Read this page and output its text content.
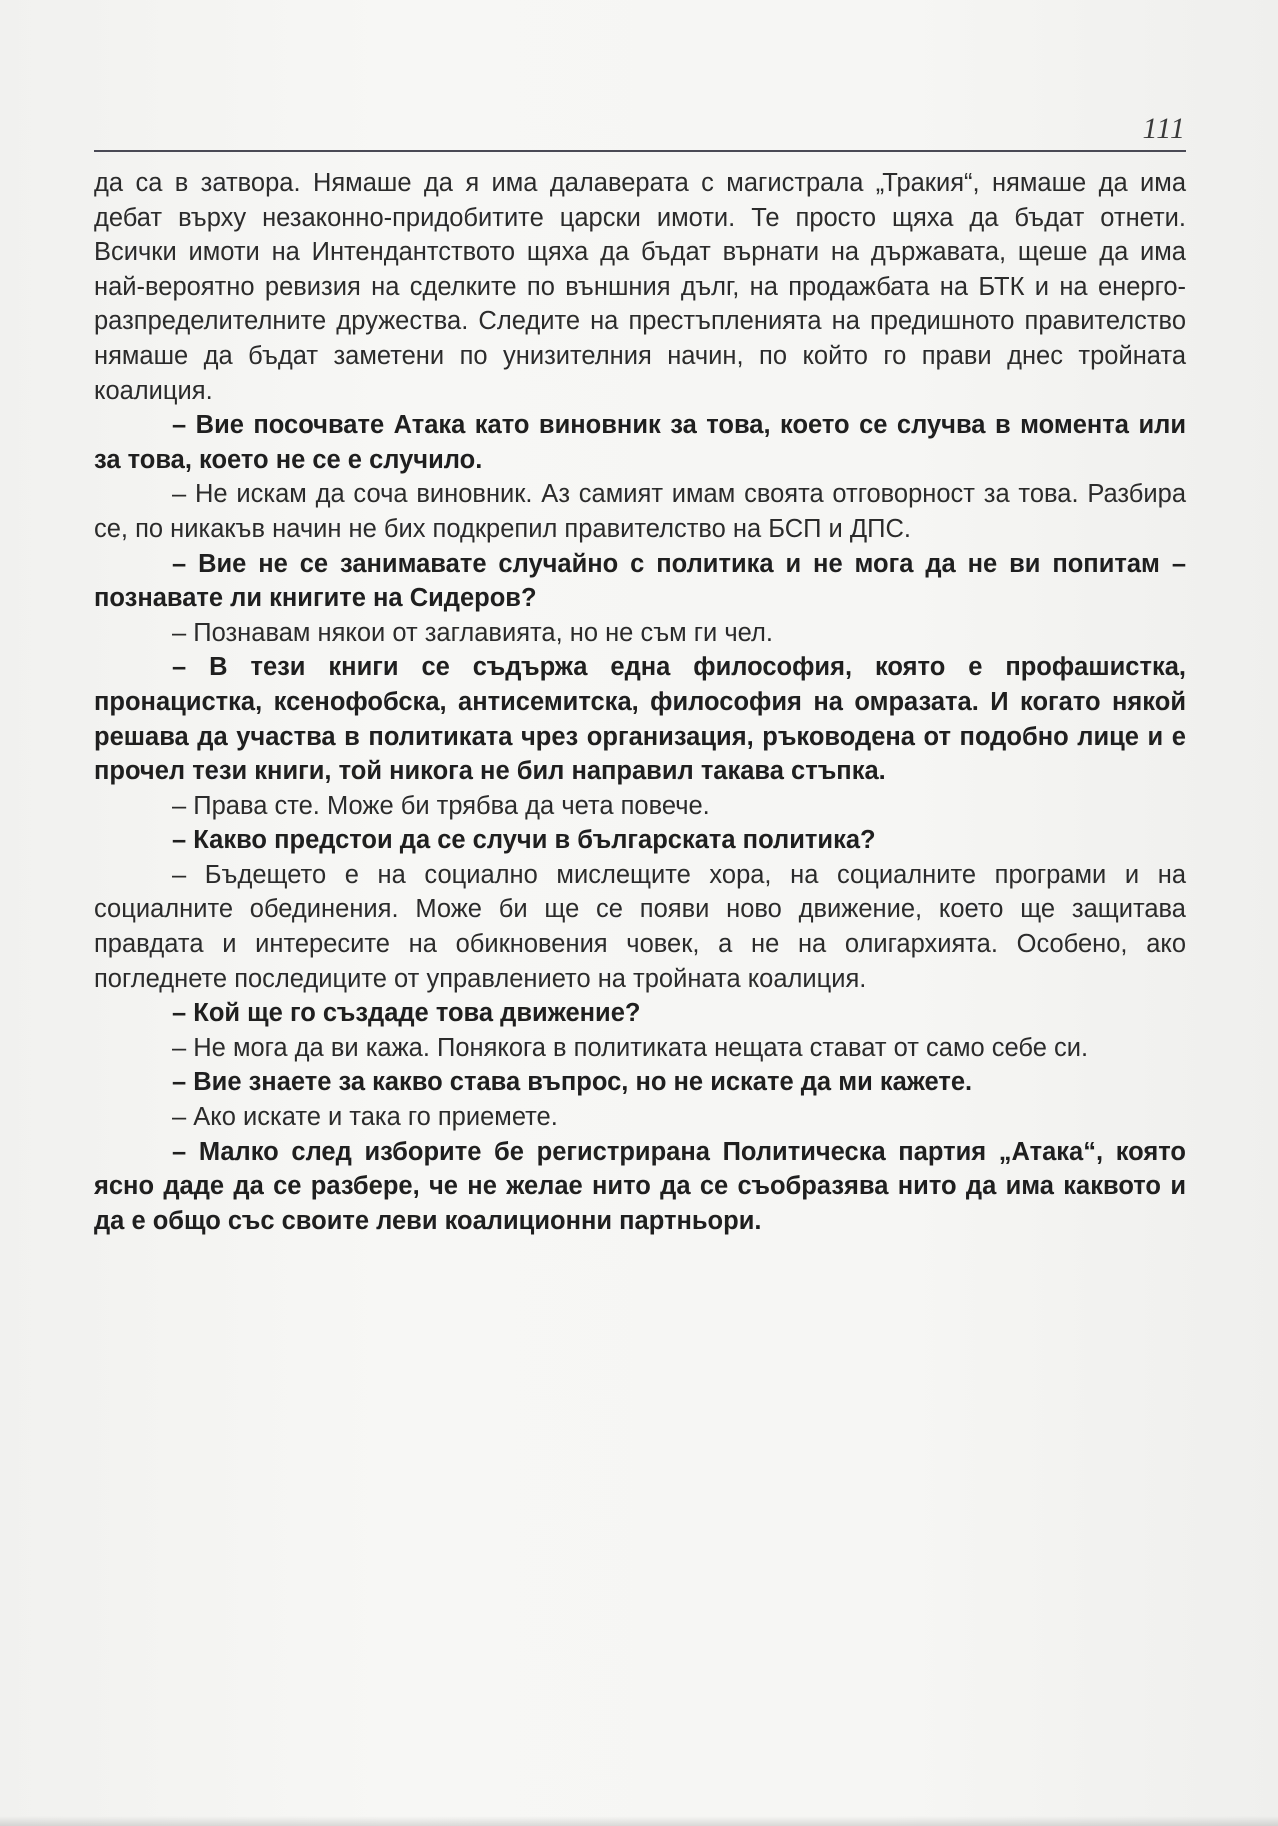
111

да са в затвора. Нямаше да я има далаверата с магистрала „Тракия“, нямаше да има дебат върху незаконно-придобитите царски имоти. Те просто щяха да бъдат отнети. Всички имоти на Интендантството щяха да бъдат върнати на държавата, щеше да има най-вероятно ревизия на сделките по външния дълг, на продажбата на БТК и на енерго-разпределителните дружества. Следите на престъпленията на предишното правителство нямаше да бъдат заметени по унизителния начин, по който го прави днес тройната коалиция.

– Вие посочвате Атака като виновник за това, което се случва в момента или за това, което не се е случило.

– Не искам да соча виновник. Аз самият имам своята отговорност за това. Разбира се, по никакъв начин не бих подкрепил правителство на БСП и ДПС.

– Вие не се занимавате случайно с политика и не мога да не ви попитам – познавате ли книгите на Сидеров?

– Познавам някои от заглавията, но не съм ги чел.

– В тези книги се съдържа една философия, която е профашистка, пронацистка, ксенофобска, антисемитска, философия на омразата. И когато някой решава да участва в политиката чрез организация, ръководена от подобно лице и е прочел тези книги, той никога не бил направил такава стъпка.

– Права сте. Може би трябва да чета повече.

– Какво предстои да се случи в българската политика?

– Бъдещето е на социално мислещите хора, на социалните програми и на социалните обединения. Може би ще се появи ново движение, което ще защитава правдата и интересите на обикновения човек, а не на олигархията. Особено, ако погледнете последиците от управлението на тройната коалиция.

– Кой ще го създаде това движение?

– Не мога да ви кажа. Понякога в политиката нещата стават от само себе си.

– Вие знаете за какво става въпрос, но не искате да ми кажете.

– Ако искате и така го приемете.

– Малко след изборите бе регистрирана Политическа партия „Атака“, която ясно даде да се разбере, че не желае нито да се съобразява нито да има каквото и да е общо със своите леви коалиционни партньори.
